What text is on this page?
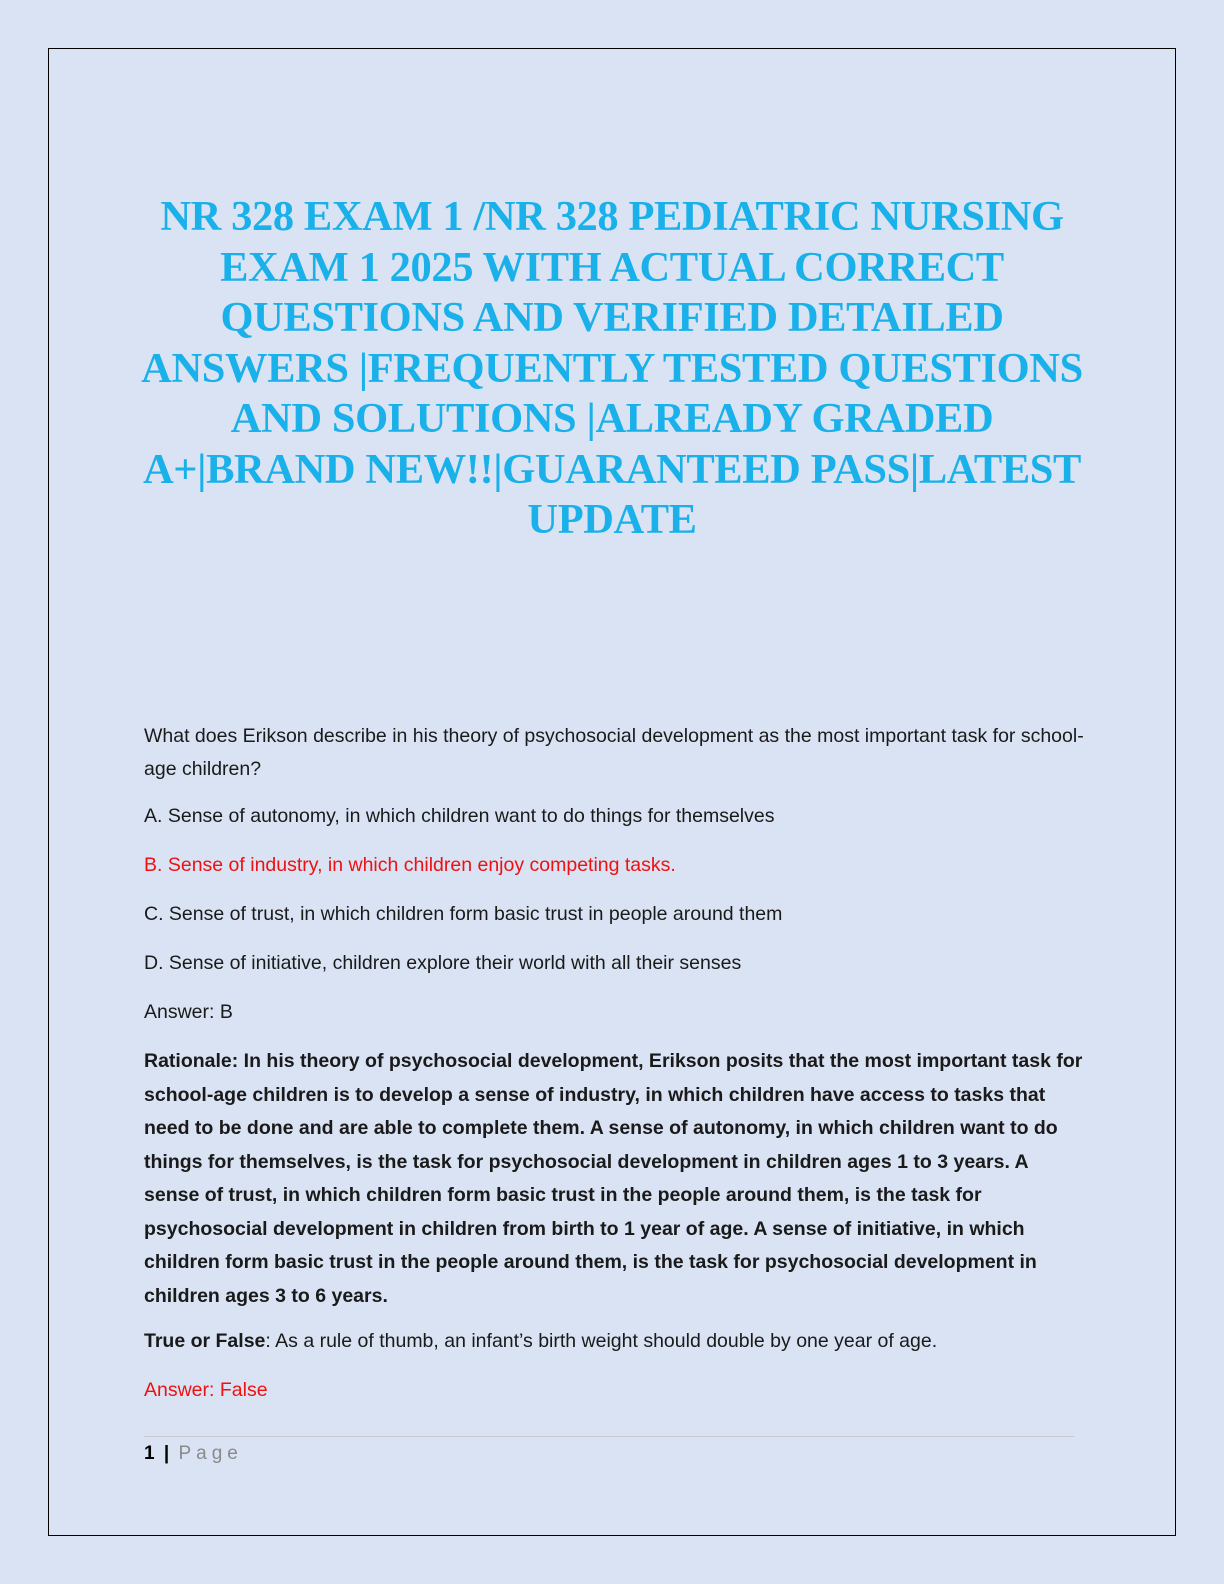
NR 328 EXAM 1 /NR 328 PEDIATRIC NURSING EXAM 1 2025 WITH ACTUAL CORRECT QUESTIONS AND VERIFIED DETAILED ANSWERS |FREQUENTLY TESTED QUESTIONS AND SOLUTIONS |ALREADY GRADED A+|BRAND NEW!!|GUARANTEED PASS|LATEST UPDATE

What does Erikson describe in his theory of psychosocial development as the most important task for school-age children?

A. Sense of autonomy, in which children want to do things for themselves

B. Sense of industry, in which children enjoy competing tasks.

C. Sense of trust, in which children form basic trust in people around them

D. Sense of initiative, children explore their world with all their senses

Answer: B

Rationale: In his theory of psychosocial development, Erikson posits that the most important task for school-age children is to develop a sense of industry, in which children have access to tasks that need to be done and are able to complete them. A sense of autonomy, in which children want to do things for themselves, is the task for psychosocial development in children ages 1 to 3 years. A sense of trust, in which children form basic trust in the people around them, is the task for psychosocial development in children from birth to 1 year of age. A sense of initiative, in which children form basic trust in the people around them, is the task for psychosocial development in children ages 3 to 6 years.

True or False: As a rule of thumb, an infant’s birth weight should double by one year of age.

Answer: False

1 | Page
